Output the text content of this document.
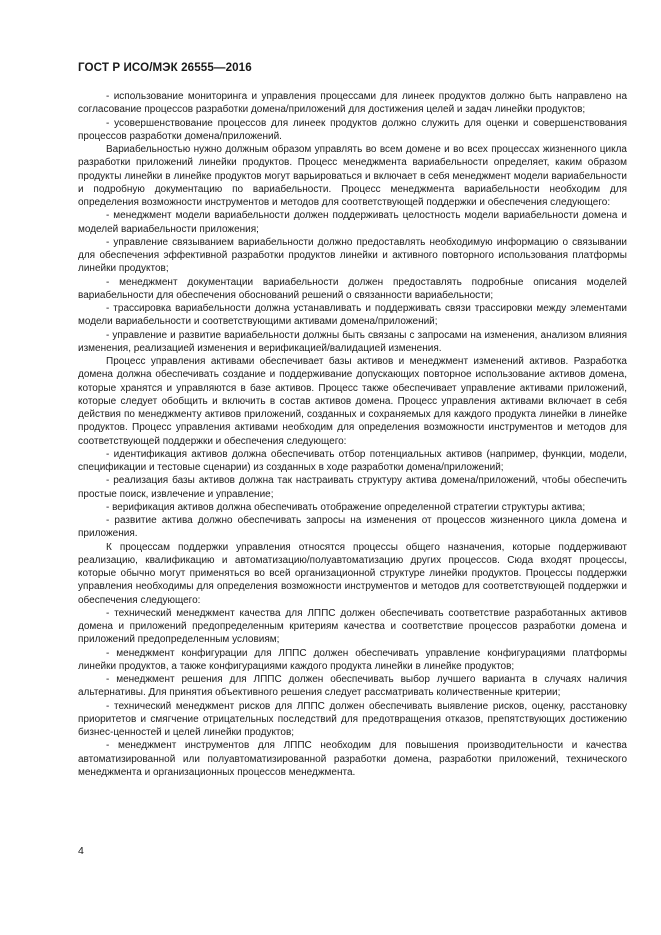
ГОСТ Р ИСО/МЭК 26555—2016

- использование мониторинга и управления процессами для линеек продуктов должно быть направлено на согласование процессов разработки домена/приложений для достижения целей и задач линейки продуктов;

- усовершенствование процессов для линеек продуктов должно служить для оценки и совершенствования процессов разработки домена/приложений.

Вариабельностью нужно должным образом управлять во всем домене и во всех процессах жизненного цикла разработки приложений линейки продуктов. Процесс менеджмента вариабельности определяет, каким образом продукты линейки в линейке продуктов могут варьироваться и включает в себя менеджмент модели вариабельности и подробную документацию по вариабельности. Процесс менеджмента вариабельности необходим для определения возможности инструментов и методов для соответствующей поддержки и обеспечения следующего:

- менеджмент модели вариабельности должен поддерживать целостность модели вариабельности домена и моделей вариабельности приложения;

- управление связыванием вариабельности должно предоставлять необходимую информацию о связывании для обеспечения эффективной разработки продуктов линейки и активного повторного использования платформы линейки продуктов;

- менеджмент документации вариабельности должен предоставлять подробные описания моделей вариабельности для обеспечения обоснований решений о связанности вариабельности;

- трассировка вариабельности должна устанавливать и поддерживать связи трассировки между элементами модели вариабельности и соответствующими активами домена/приложений;

- управление и развитие вариабельности должны быть связаны с запросами на изменения, анализом влияния изменения, реализацией изменения и верификацией/валидацией изменения.

Процесс управления активами обеспечивает базы активов и менеджмент изменений активов. Разработка домена должна обеспечивать создание и поддерживание допускающих повторное использование активов домена, которые хранятся и управляются в базе активов. Процесс также обеспечивает управление активами приложений, которые следует обобщить и включить в состав активов домена. Процесс управления активами включает в себя действия по менеджменту активов приложений, созданных и сохраняемых для каждого продукта линейки в линейке продуктов. Процесс управления активами необходим для определения возможности инструментов и методов для соответствующей поддержки и обеспечения следующего:

- идентификация активов должна обеспечивать отбор потенциальных активов (например, функции, модели, спецификации и тестовые сценарии) из созданных в ходе разработки домена/приложений;

- реализация базы активов должна так настраивать структуру актива домена/приложений, чтобы обеспечить простые поиск, извлечение и управление;

- верификация активов должна обеспечивать отображение определенной стратегии структуры актива;

- развитие актива должно обеспечивать запросы на изменения от процессов жизненного цикла домена и приложения.

К процессам поддержки управления относятся процессы общего назначения, которые поддерживают реализацию, квалификацию и автоматизацию/полуавтоматизацию других процессов. Сюда входят процессы, которые обычно могут применяться во всей организационной структуре линейки продуктов. Процессы поддержки управления необходимы для определения возможности инструментов и методов для соответствующей поддержки и обеспечения следующего:

- технический менеджмент качества для ЛППС должен обеспечивать соответствие разработанных активов домена и приложений предопределенным критериям качества и соответствие процессов разработки домена и приложений предопределенным условиям;

- менеджмент конфигурации для ЛППС должен обеспечивать управление конфигурациями платформы линейки продуктов, а также конфигурациями каждого продукта линейки в линейке продуктов;

- менеджмент решения для ЛППС должен обеспечивать выбор лучшего варианта в случаях наличия альтернативы. Для принятия объективного решения следует рассматривать количественные критерии;

- технический менеджмент рисков для ЛППС должен обеспечивать выявление рисков, оценку, расстановку приоритетов и смягчение отрицательных последствий для предотвращения отказов, препятствующих достижению бизнес-ценностей и целей линейки продуктов;

- менеджмент инструментов для ЛППС необходим для повышения производительности и качества автоматизированной или полуавтоматизированной разработки домена, разработки приложений, технического менеджмента и организационных процессов менеджмента.

4
